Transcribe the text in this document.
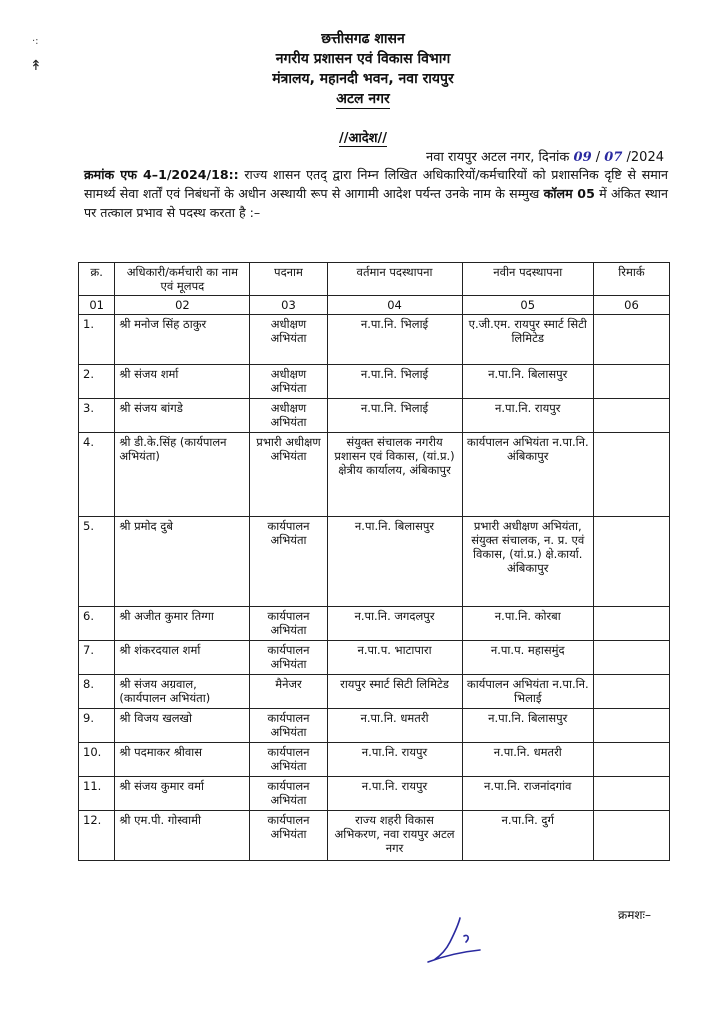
·:
↟
छत्तीसगढ शासन
नगरीय प्रशासन एवं विकास विभाग
मंत्रालय, महानदी भवन, नवा रायपुर
अटल नगर
//आदेश//
नवा रायपुर अटल नगर, दिनांक 09 / 07 /2024
क्रमांक एफ 4–1/2024/18:: राज्य शासन एतद् द्वारा निम्न लिखित अधिकारियों/कर्मचारियों को प्रशासनिक दृष्टि से समान सामर्थ्य सेवा शर्तों एवं निबंधनों के अधीन अस्थायी रूप से आगामी आदेश पर्यन्त उनके नाम के सम्मुख कॉलम 05 में अंकित स्थान पर तत्काल प्रभाव से पदस्थ करता है :–
क्र.	अधिकारी/कर्मचारी का नाम एवं मूलपद	पदनाम	वर्तमान पदस्थापना	नवीन पदस्थापना	रिमार्क
01	02	03	04	05	06
1.	श्री मनोज सिंह ठाकुर	अधीक्षण अभियंता	न.पा.नि. भिलाई	ए.जी.एम. रायपुर स्मार्ट सिटी लिमिटेड	
2.	श्री संजय शर्मा	अधीक्षण अभियंता	न.पा.नि. भिलाई	न.पा.नि. बिलासपुर	
3.	श्री संजय बांगडे	अधीक्षण अभियंता	न.पा.नि. भिलाई	न.पा.नि. रायपुर	
4.	श्री डी.के.सिंह (कार्यपालन अभियंता)	प्रभारी अधीक्षण अभियंता	संयुक्त संचालक नगरीय प्रशासन एवं विकास, (यां.प्र.) क्षेत्रीय कार्यालय, अंबिकापुर	कार्यपालन अभियंता न.पा.नि. अंबिकापुर	
5.	श्री प्रमोद दुबे	कार्यपालन अभियंता	न.पा.नि. बिलासपुर	प्रभारी अधीक्षण अभियंता, संयुक्त संचालक, न. प्र. एवं विकास, (यां.प्र.) क्षे.कार्या. अंबिकापुर	
6.	श्री अजीत कुमार तिग्गा	कार्यपालन अभियंता	न.पा.नि. जगदलपुर	न.पा.नि. कोरबा	
7.	श्री शंकरदयाल शर्मा	कार्यपालन अभियंता	न.पा.प. भाटापारा	न.पा.प. महासमुंद	
8.	श्री संजय अग्रवाल, (कार्यपालन अभियंता)	मैनेजर	रायपुर स्मार्ट सिटी लिमिटेड	कार्यपालन अभियंता न.पा.नि. भिलाई	
9.	श्री विजय खलखो	कार्यपालन अभियंता	न.पा.नि. धमतरी	न.पा.नि. बिलासपुर	
10.	श्री पदमाकर श्रीवास	कार्यपालन अभियंता	न.पा.नि. रायपुर	न.पा.नि. धमतरी	
11.	श्री संजय कुमार वर्मा	कार्यपालन अभियंता	न.पा.नि. रायपुर	न.पा.नि. राजनांदगांव	
12.	श्री एम.पी. गोस्वामी	कार्यपालन अभियंता	राज्य शहरी विकास अभिकरण, नवा रायपुर अटल नगर	न.पा.नि. दुर्ग	
क्रमशः–
